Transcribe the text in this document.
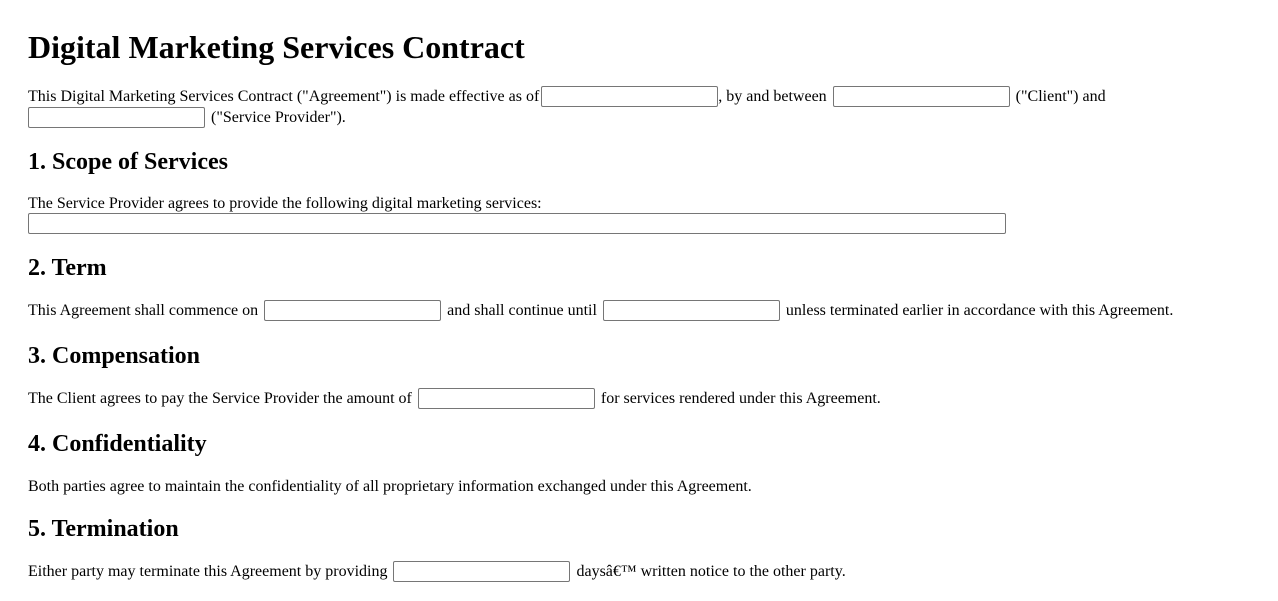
Digital Marketing Services Contract
This Digital Marketing Services Contract ("Agreement") is made effective as of	, by and between	("Client") and
("Service Provider").
1. Scope of Services
The Service Provider agrees to provide the following digital marketing services:
2. Term
This Agreement shall commence on	and shall continue until	unless terminated earlier in accordance with this Agreement.
3. Compensation
The Client agrees to pay the Service Provider the amount of	for services rendered under this Agreement.
4. Confidentiality
Both parties agree to maintain the confidentiality of all proprietary information exchanged under this Agreement.
5. Termination
Either party may terminate this Agreement by providing	daysâ€™ written notice to the other party.
